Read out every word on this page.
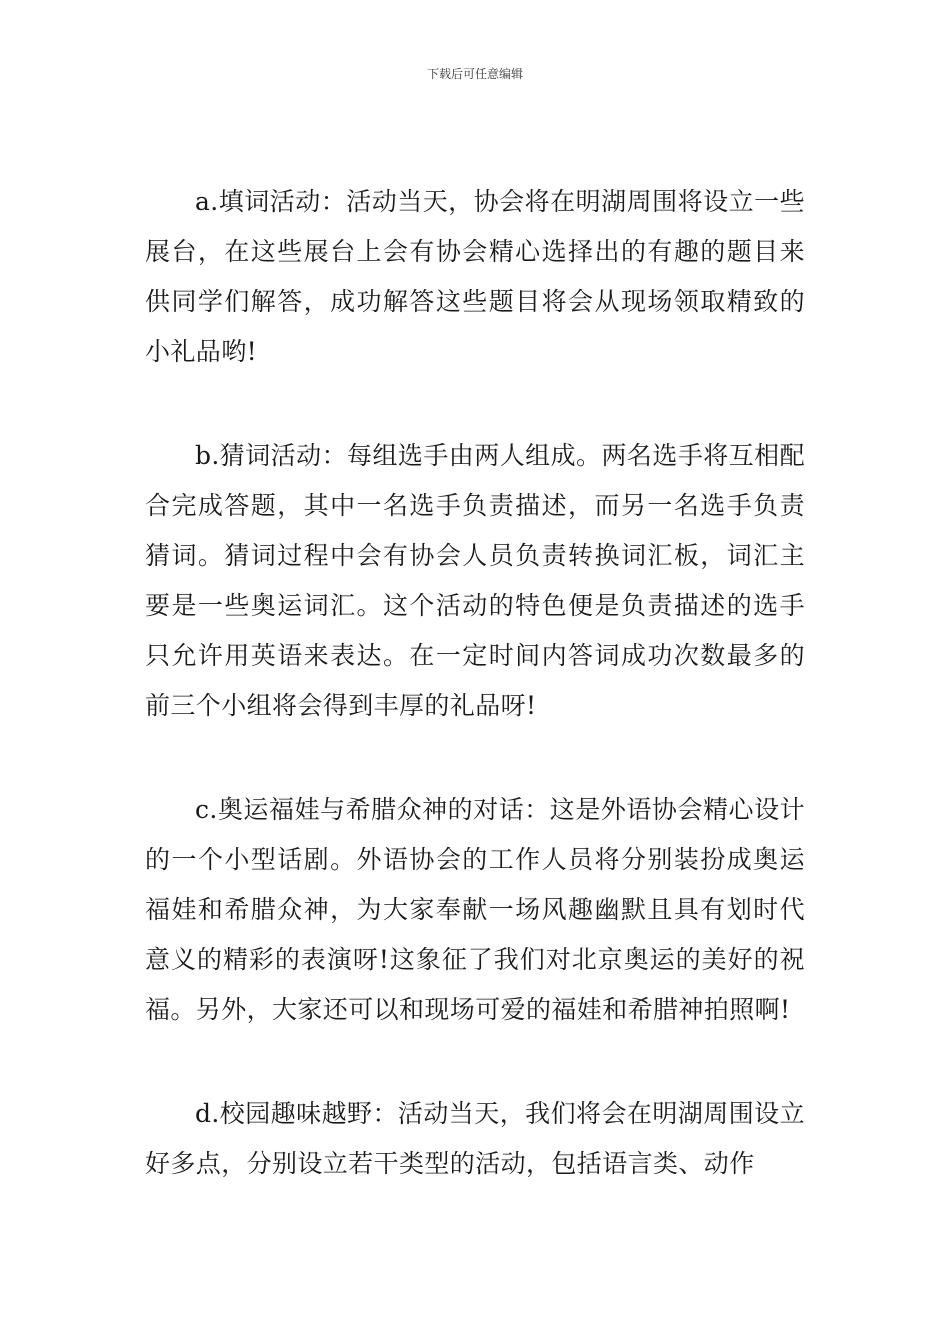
下载后可任意编辑

a.填词活动：活动当天，协会将在明湖周围将设立一些展台，在这些展台上会有协会精心选择出的有趣的题目来供同学们解答，成功解答这些题目将会从现场领取精致的小礼品哟!

b.猜词活动：每组选手由两人组成。两名选手将互相配合完成答题，其中一名选手负责描述，而另一名选手负责猜词。猜词过程中会有协会人员负责转换词汇板，词汇主要是一些奥运词汇。这个活动的特色便是负责描述的选手只允许用英语来表达。在一定时间内答词成功次数最多的前三个小组将会得到丰厚的礼品呀!

c.奥运福娃与希腊众神的对话：这是外语协会精心设计的一个小型话剧。外语协会的工作人员将分别装扮成奥运福娃和希腊众神，为大家奉献一场风趣幽默且具有划时代意义的精彩的表演呀!这象征了我们对北京奥运的美好的祝福。另外，大家还可以和现场可爱的福娃和希腊神拍照啊!

d.校园趣味越野：活动当天，我们将会在明湖周围设立好多点，分别设立若干类型的活动，包括语言类、动作
